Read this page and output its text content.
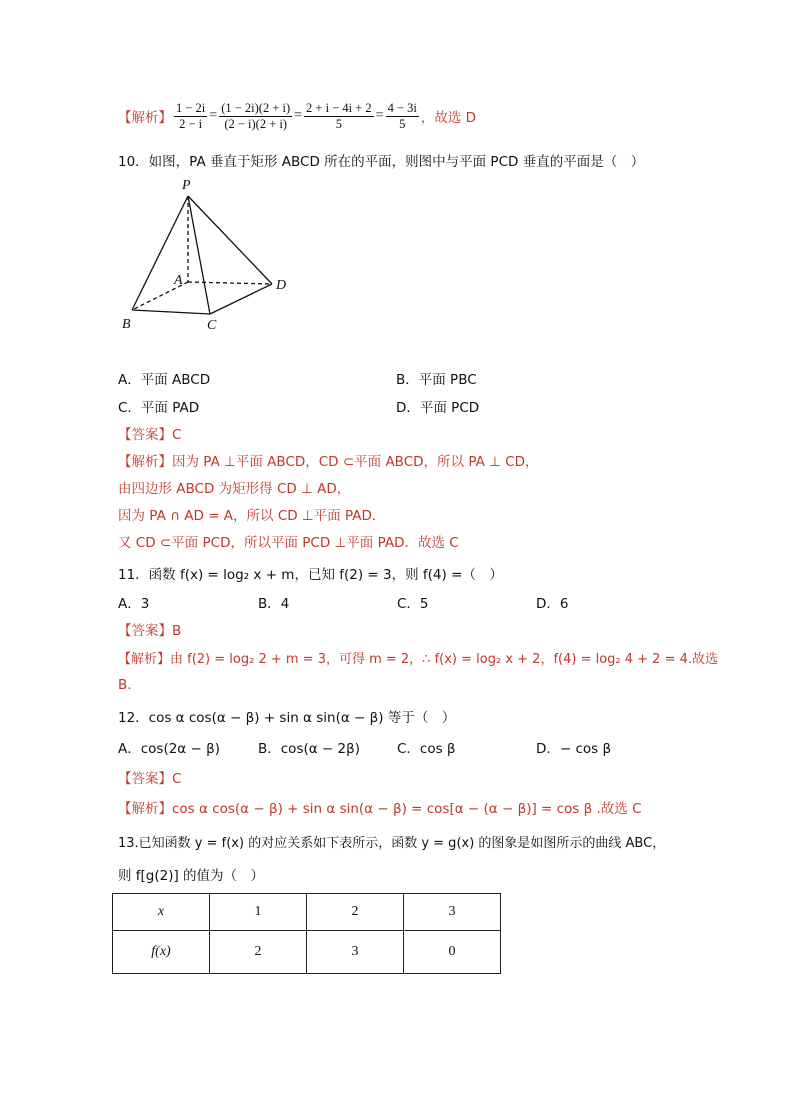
【解析】 $\frac{1 - 2i}{2 - i} = \frac{(1 - 2i)(2 + i)}{(2 - i)(2 + i)} = \frac{2 + i - 4i + 2}{5} = \frac{4 - 3i}{5}$ ，故选 D
10．如图，PA 垂直于矩形 ABCD 所在的平面，则图中与平面 PCD 垂直的平面是（　）
P
A
B	C
D
A．平面 ABCD	B．平面 PBC
C．平面 PAD	D．平面 PCD
【答案】C
【解析】因为 PA ⊥平面 ABCD，CD ⊂平面 ABCD，所以 PA ⊥ CD，
由四边形 ABCD 为矩形得 CD ⊥ AD，
因为 PA ∩ AD = A，所以 CD ⊥平面 PAD．
又 CD ⊂平面 PCD，所以平面 PCD ⊥平面 PAD．故选 C
11．函数 f(x) = log₂ x + m，已知 f(2) = 3，则 f(4) =（　）
A．3	B．4	C．5	D．6
【答案】B
【解析】由 f(2) = log₂ 2 + m = 3，可得 m = 2，∴ f(x) = log₂ x + 2，f(4) = log₂ 4 + 2 = 4.故选
B.
12．cos α cos(α − β) + sin α sin(α − β) 等于（　）
A．cos(2α − β)	B．cos(α − 2β)	C．cos β	D．− cos β
【答案】C
【解析】cos α cos(α − β) + sin α sin(α − β) = cos[α − (α − β)] = cos β .故选 C
13.已知函数 y = f(x) 的对应关系如下表所示，函数 y = g(x) 的图象是如图所示的曲线 ABC，
则 f[g(2)] 的值为（　）
x	1	2	3
f(x)	2	3	0
